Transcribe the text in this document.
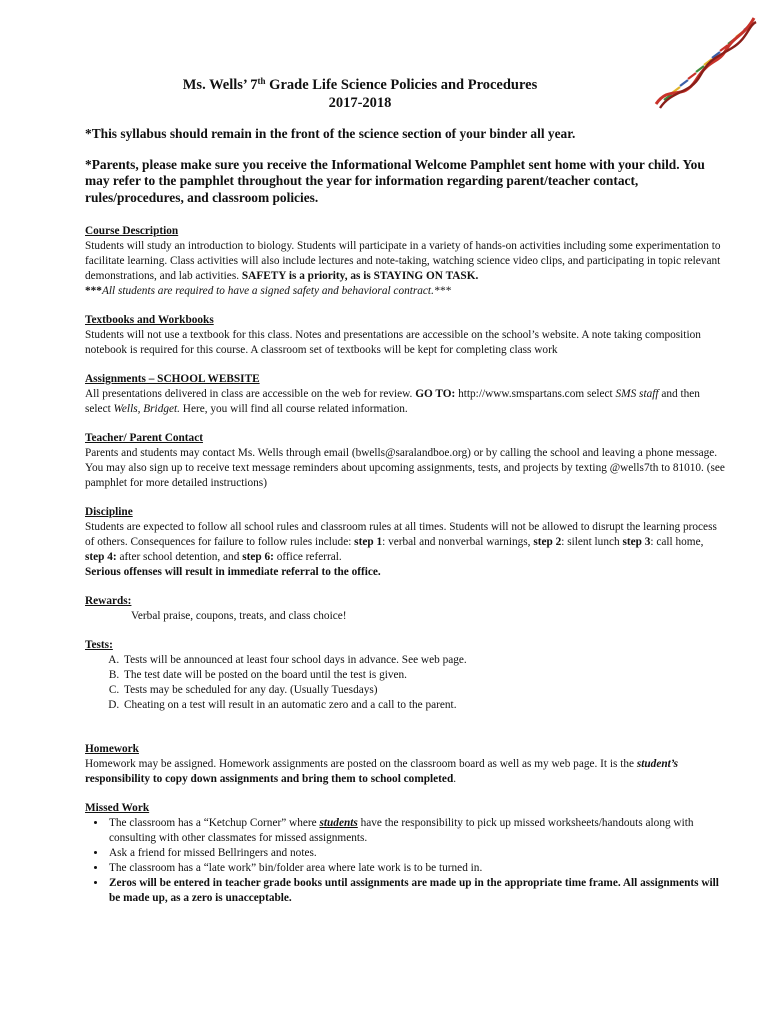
Ms. Wells’ 7th Grade Life Science Policies and Procedures
2017-2018

*This syllabus should remain in the front of the science section of your binder all year.

*Parents, please make sure you receive the Informational Welcome Pamphlet sent home with your child. You may refer to the pamphlet throughout the year for information regarding parent/teacher contact, rules/procedures, and classroom policies.

Course Description

Students will study an introduction to biology. Students will participate in a variety of hands-on activities including some experimentation to facilitate learning. Class activities will also include lectures and note-taking, watching science video clips, and participating in topic relevant demonstrations, and lab activities. SAFETY is a priority, as is STAYING ON TASK.
***All students are required to have a signed safety and behavioral contract.***

Textbooks and Workbooks

Students will not use a textbook for this class. Notes and presentations are accessible on the school’s website. A note taking composition notebook is required for this course. A classroom set of textbooks will be kept for completing class work

Assignments – SCHOOL WEBSITE

All presentations delivered in class are accessible on the web for review. GO TO: http://www.smspartans.com select SMS staff and then select Wells, Bridget. Here, you will find all course related information.

Teacher/ Parent Contact

Parents and students may contact Ms. Wells through email (bwells@saralandboe.org) or by calling the school and leaving a phone message. You may also sign up to receive text message reminders about upcoming assignments, tests, and projects by texting @wells7th to 81010. (see pamphlet for more detailed instructions)

Discipline

Students are expected to follow all school rules and classroom rules at all times. Students will not be allowed to disrupt the learning process of others. Consequences for failure to follow rules include: step 1: verbal and nonverbal warnings, step 2: silent lunch step 3: call home, step 4: after school detention, and step 6: office referral.
Serious offenses will result in immediate referral to the office.

Rewards:

Verbal praise, coupons, treats, and class choice!

Tests:
A. Tests will be announced at least four school days in advance. See web page.
B. The test date will be posted on the board until the test is given.
C. Tests may be scheduled for any day. (Usually Tuesdays)
D. Cheating on a test will result in an automatic zero and a call to the parent.
Homework

Homework may be assigned. Homework assignments are posted on the classroom board as well as my web page. It is the student’s responsibility to copy down assignments and bring them to school completed.

Missed Work
• The classroom has a “Ketchup Corner” where students have the responsibility to pick up missed worksheets/handouts along with consulting with other classmates for missed assignments.
• Ask a friend for missed Bellringers and notes.
• The classroom has a “late work” bin/folder area where late work is to be turned in.
• Zeros will be entered in teacher grade books until assignments are made up in the appropriate time frame. All assignments will be made up, as a zero is unacceptable.
